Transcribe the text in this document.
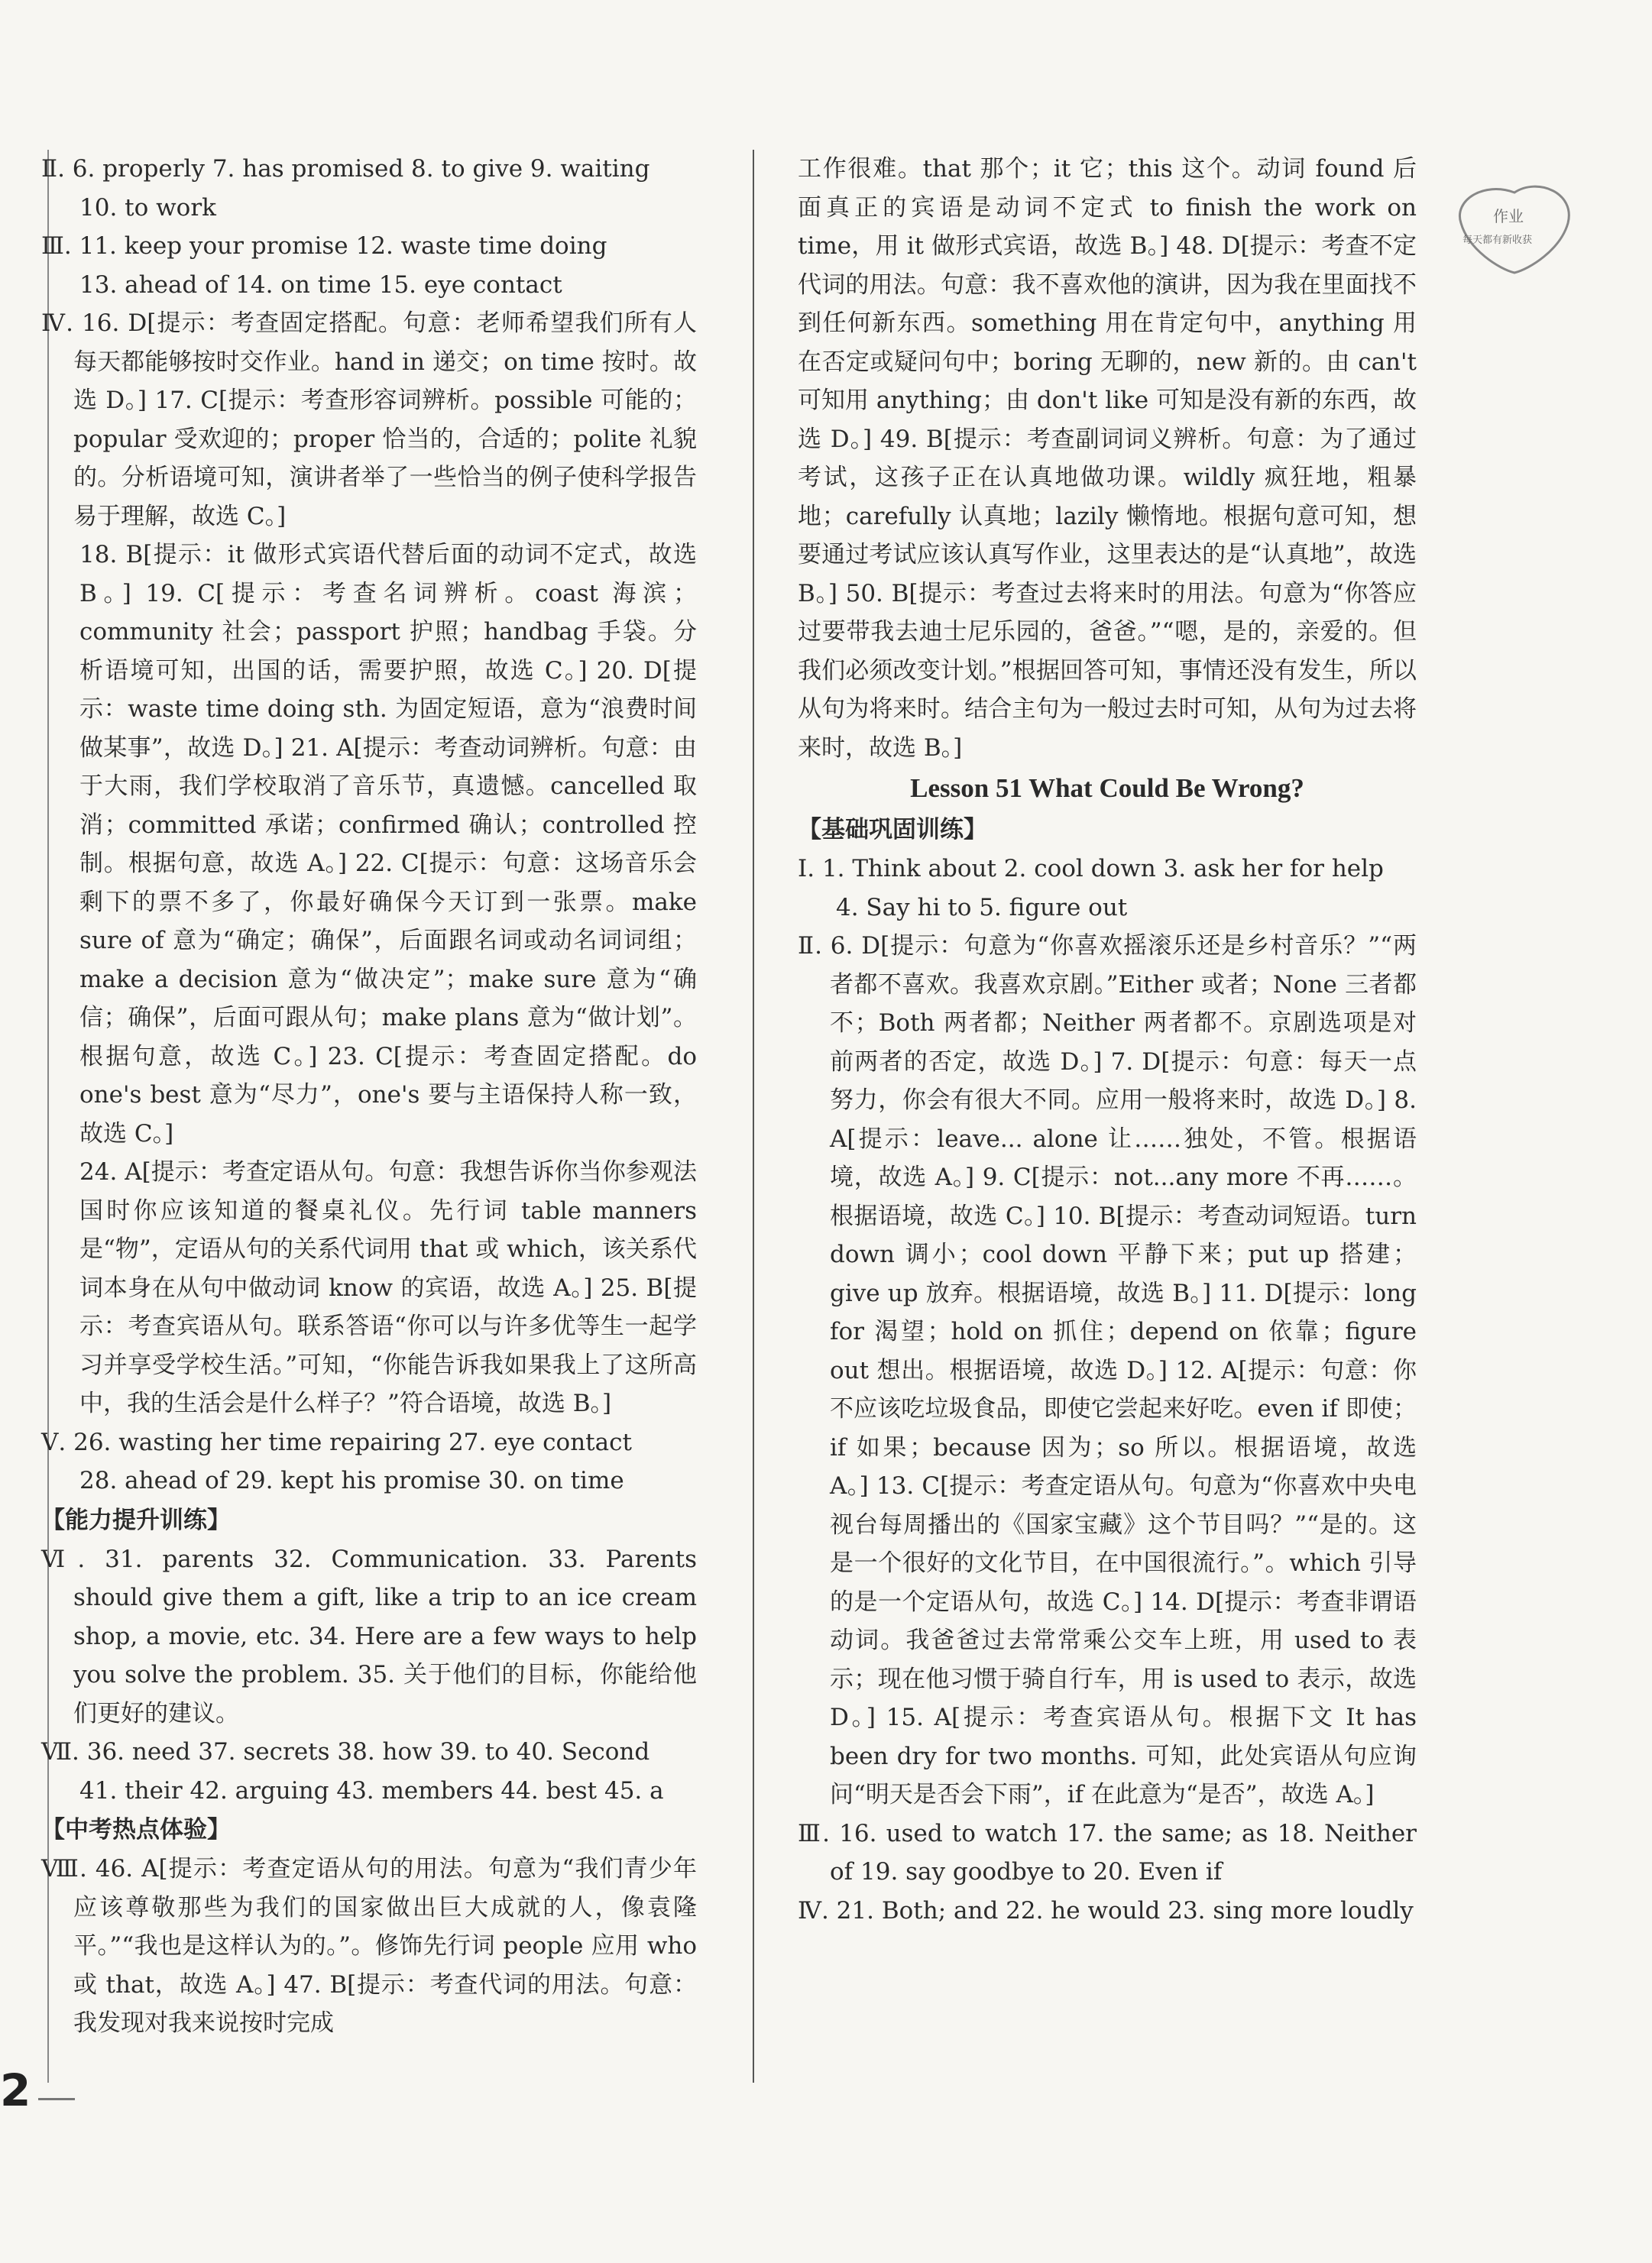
Ⅱ. 6. properly 7. has promised 8. to give 9. waiting
10. to work
Ⅲ. 11. keep your promise 12. waste time doing
13. ahead of 14. on time 15. eye contact
Ⅳ. 16. D[提示：考查固定搭配。句意：老师希望我们所有人每天都能够按时交作业。hand in 递交；on time 按时。故选 D。] 17. C[提示：考查形容词辨析。possible 可能的；popular 受欢迎的；proper 恰当的，合适的；polite 礼貌的。分析语境可知，演讲者举了一些恰当的例子使科学报告易于理解，故选 C。]
18. B[提示：it 做形式宾语代替后面的动词不定式，故选 B。] 19. C[提示：考查名词辨析。coast 海滨；community 社会；passport 护照；handbag 手袋。分析语境可知，出国的话，需要护照，故选 C。] 20. D[提示：waste time doing sth. 为固定短语，意为“浪费时间做某事”，故选 D。] 21. A[提示：考查动词辨析。句意：由于大雨，我们学校取消了音乐节，真遗憾。cancelled 取消；committed 承诺；confirmed 确认；controlled 控制。根据句意，故选 A。] 22. C[提示：句意：这场音乐会剩下的票不多了，你最好确保今天订到一张票。make sure of 意为“确定；确保”，后面跟名词或动名词词组；make a decision 意为“做决定”；make sure 意为“确信；确保”，后面可跟从句；make plans 意为“做计划”。根据句意，故选 C。] 23. C[提示：考查固定搭配。do one's best 意为“尽力”，one's 要与主语保持人称一致，故选 C。]
24. A[提示：考查定语从句。句意：我想告诉你当你参观法国时你应该知道的餐桌礼仪。先行词 table manners 是“物”，定语从句的关系代词用 that 或 which，该关系代词本身在从句中做动词 know 的宾语，故选 A。] 25. B[提示：考查宾语从句。联系答语“你可以与许多优等生一起学习并享受学校生活。”可知，“你能告诉我如果我上了这所高中，我的生活会是什么样子？”符合语境，故选 B。]
Ⅴ. 26. wasting her time repairing 27. eye contact
28. ahead of 29. kept his promise 30. on time
【能力提升训练】
Ⅵ. 31. parents 32. Communication. 33. Parents should give them a gift, like a trip to an ice cream shop, a movie, etc. 34. Here are a few ways to help you solve the problem. 35. 关于他们的目标，你能给他们更好的建议。
Ⅶ. 36. need 37. secrets 38. how 39. to 40. Second
41. their 42. arguing 43. members 44. best 45. a
【中考热点体验】
Ⅷ. 46. A[提示：考查定语从句的用法。句意为“我们青少年应该尊敬那些为我们的国家做出巨大成就的人，像袁隆平。”“我也是这样认为的。”。修饰先行词 people 应用 who 或 that，故选 A。] 47. B[提示：考查代词的用法。句意：我发现对我来说按时完成
工作很难。that 那个；it 它；this 这个。动词 found 后面真正的宾语是动词不定式 to finish the work on time，用 it 做形式宾语，故选 B。] 48. D[提示：考查不定代词的用法。句意：我不喜欢他的演讲，因为我在里面找不到任何新东西。something 用在肯定句中，anything 用在否定或疑问句中；boring 无聊的，new 新的。由 can't 可知用 anything；由 don't like 可知是没有新的东西，故选 D。] 49. B[提示：考查副词词义辨析。句意：为了通过考试，这孩子正在认真地做功课。wildly 疯狂地，粗暴地；carefully 认真地；lazily 懒惰地。根据句意可知，想要通过考试应该认真写作业，这里表达的是“认真地”，故选 B。] 50. B[提示：考查过去将来时的用法。句意为“你答应过要带我去迪士尼乐园的，爸爸。”“嗯，是的，亲爱的。但我们必须改变计划。”根据回答可知，事情还没有发生，所以从句为将来时。结合主句为一般过去时可知，从句为过去将来时，故选 B。]
Lesson 51 What Could Be Wrong?
【基础巩固训练】
Ⅰ. 1. Think about 2. cool down 3. ask her for help
4. Say hi to 5. figure out
Ⅱ. 6. D[提示：句意为“你喜欢摇滚乐还是乡村音乐？”“两者都不喜欢。我喜欢京剧。”Either 或者；None 三者都不；Both 两者都；Neither 两者都不。京剧选项是对前两者的否定，故选 D。] 7. D[提示：句意：每天一点努力，你会有很大不同。应用一般将来时，故选 D。] 8. A[提示：leave... alone 让……独处，不管。根据语境，故选 A。] 9. C[提示：not...any more 不再……。根据语境，故选 C。] 10. B[提示：考查动词短语。turn down 调小；cool down 平静下来；put up 搭建；give up 放弃。根据语境，故选 B。] 11. D[提示：long for 渴望；hold on 抓住；depend on 依靠；figure out 想出。根据语境，故选 D。] 12. A[提示：句意：你不应该吃垃圾食品，即使它尝起来好吃。even if 即使；if 如果；because 因为；so 所以。根据语境，故选 A。] 13. C[提示：考查定语从句。句意为“你喜欢中央电视台每周播出的《国家宝藏》这个节目吗？”“是的。这是一个很好的文化节目，在中国很流行。”。which 引导的是一个定语从句，故选 C。] 14. D[提示：考查非谓语动词。我爸爸过去常常乘公交车上班，用 used to 表示；现在他习惯于骑自行车，用 is used to 表示，故选 D。] 15. A[提示：考查宾语从句。根据下文 It has been dry for two months. 可知，此处宾语从句应询问“明天是否会下雨”，if 在此意为“是否”，故选 A。]
Ⅲ. 16. used to watch 17. the same; as 18. Neither of 19. say goodbye to 20. Even if
Ⅳ. 21. Both; and 22. he would 23. sing more loudly
作业
每天都有新收获
2
